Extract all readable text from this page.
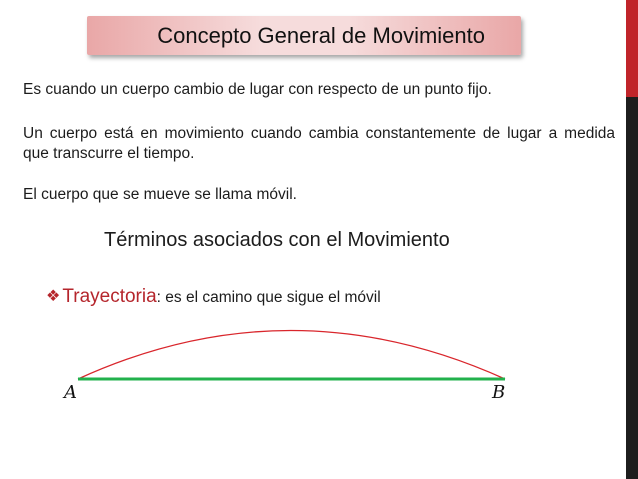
Concepto General de Movimiento
Es cuando un cuerpo cambio de lugar con respecto de un punto fijo.
Un cuerpo está en movimiento cuando cambia constantemente de lugar a medida que transcurre el tiempo.
El cuerpo que se mueve se llama móvil.
Términos asociados con el Movimiento
❖ Trayectoria: es el camino que sigue el móvil
A	B
